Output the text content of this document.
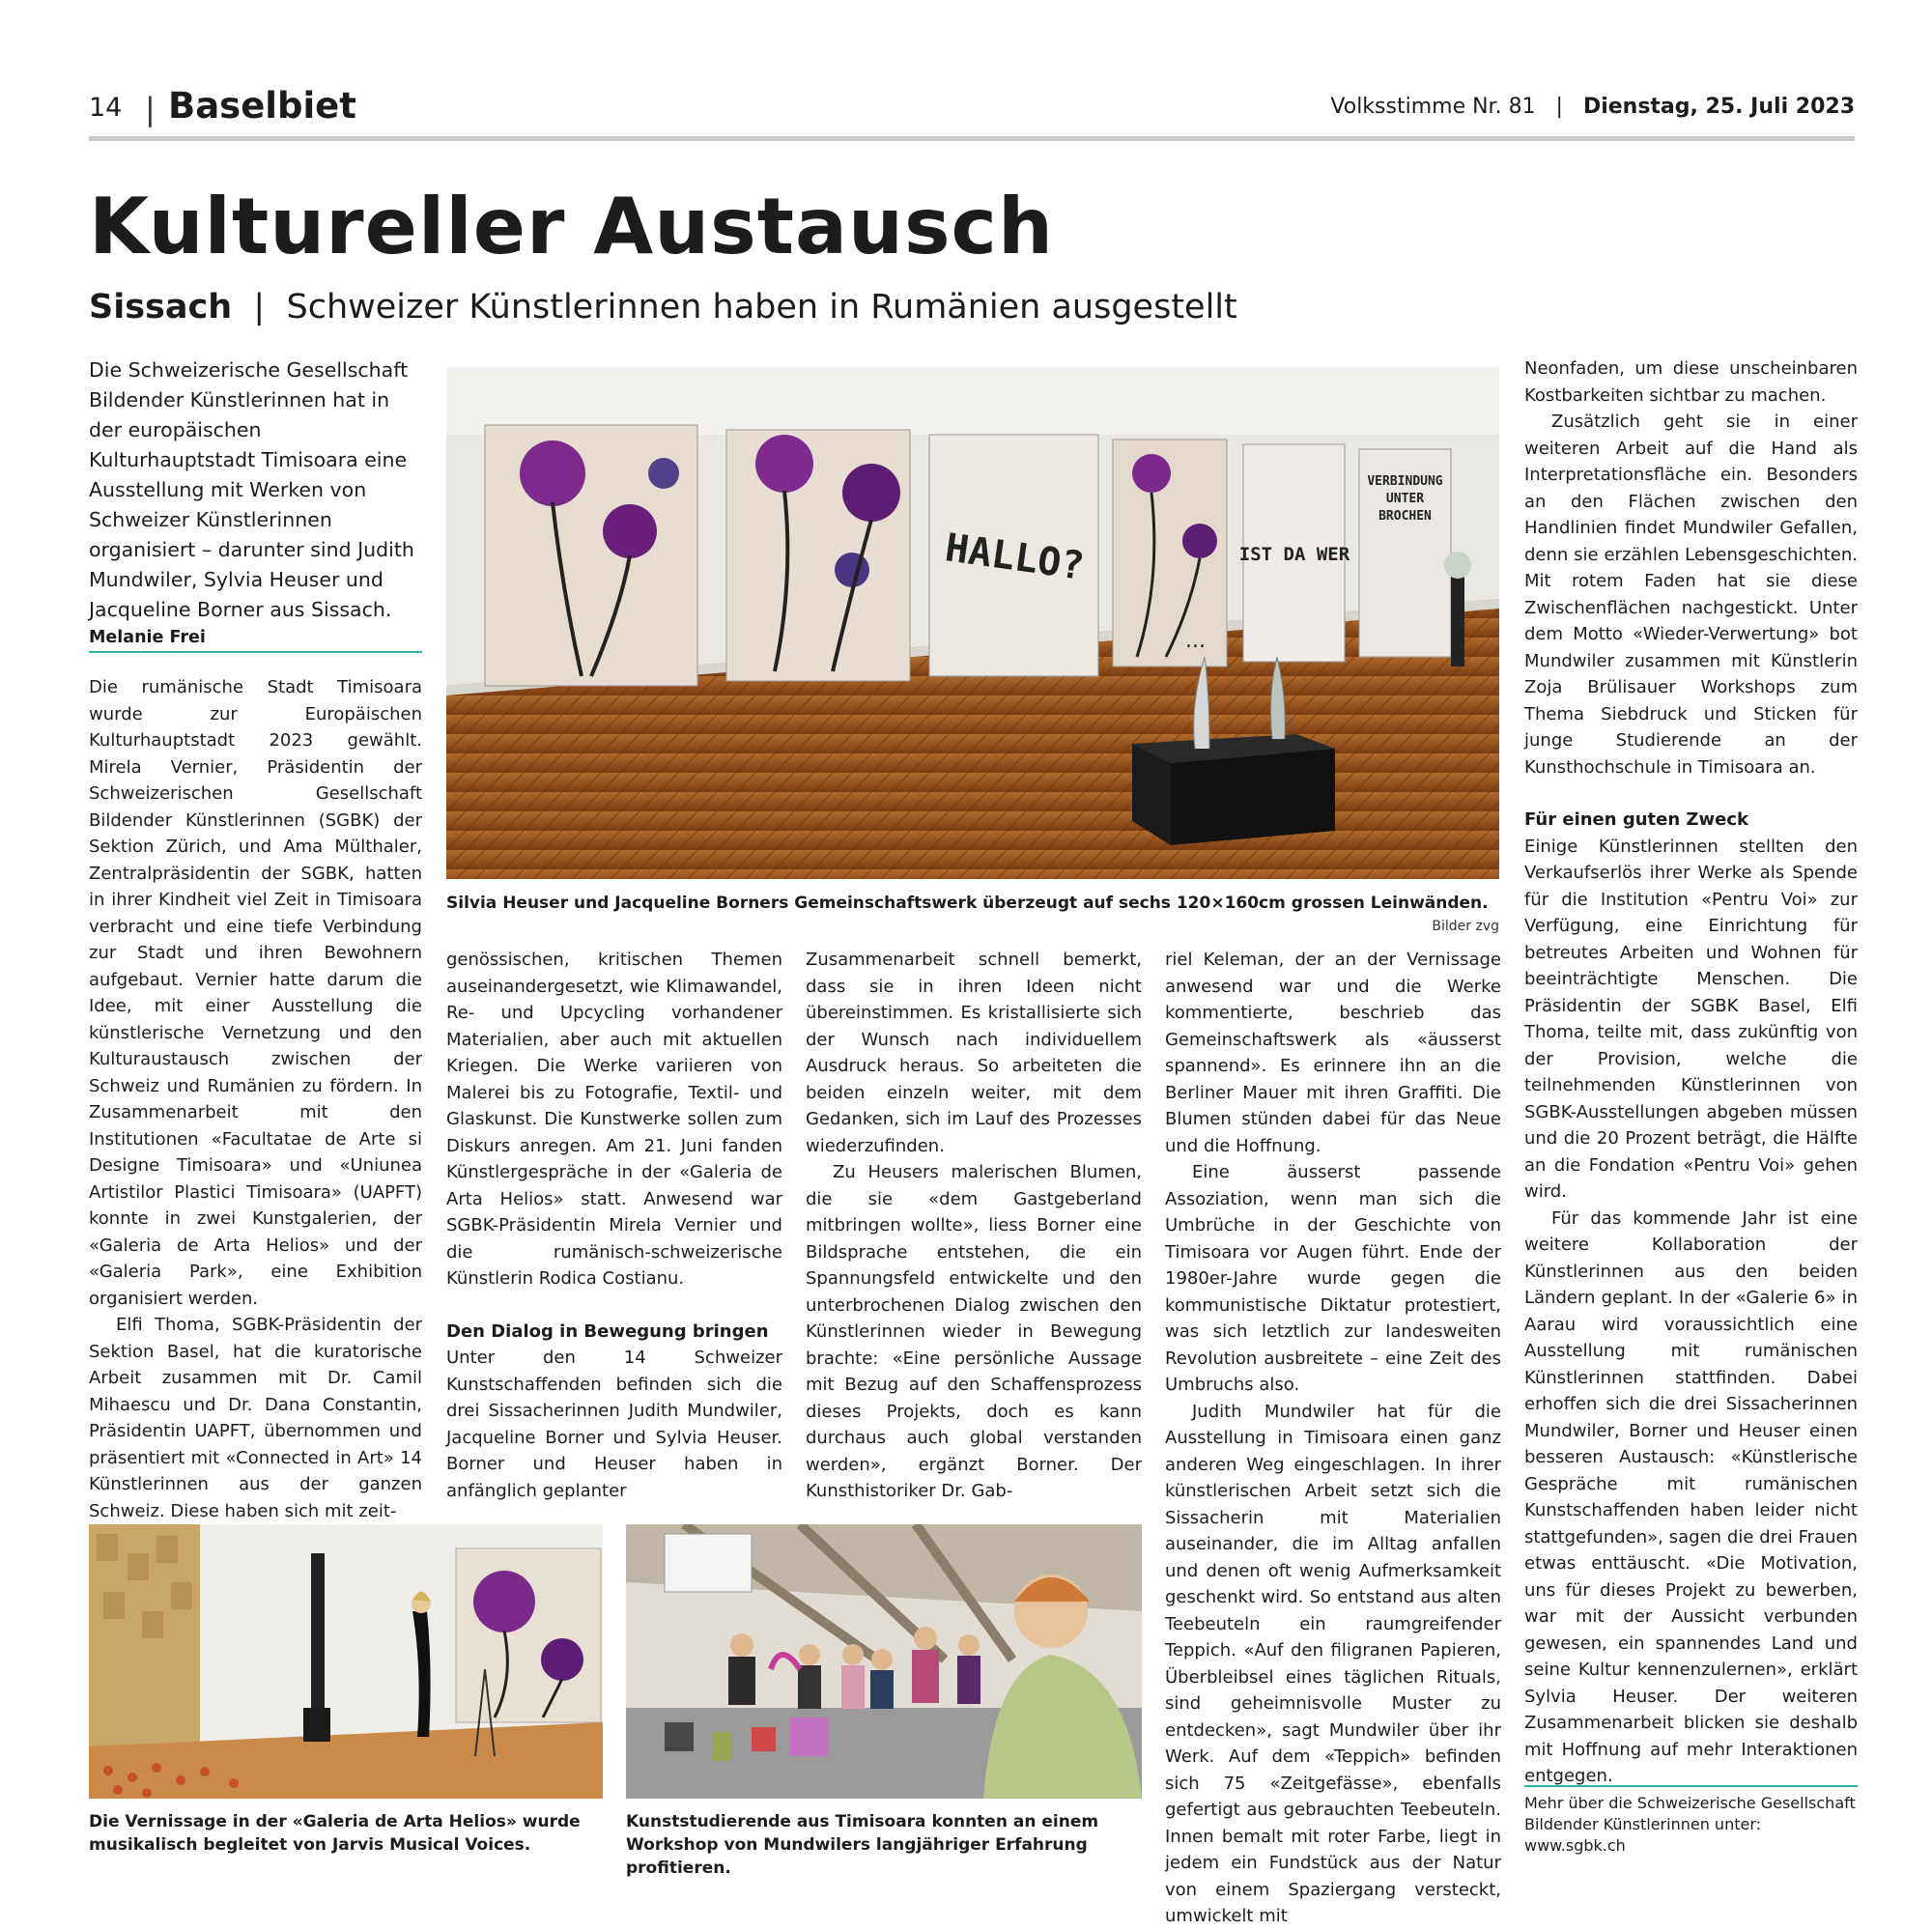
14 | Baselbiet	Volksstimme Nr. 81   |   Dienstag, 25. Juli 2023
Kultureller Austausch
Sissach  |  Schweizer Künstlerinnen haben in Rumänien ausgestellt
Die Schweizerische Gesellschaft Bildender Künstlerinnen hat in der europäischen Kulturhauptstadt Timisoara eine Ausstellung mit Werken von Schweizer Künstlerinnen organisiert – darunter sind Judith Mundwiler, Sylvia Heuser und Jacqueline Borner aus Sissach.
Melanie Frei

Die rumänische Stadt Timisoara wurde zur Europäischen Kulturhauptstadt 2023 gewählt. Mirela Vernier, Präsidentin der Schweizerischen Gesellschaft Bildender Künstlerinnen (SGBK) der Sektion Zürich, und Ama Mülthaler, Zentralpräsidentin der SGBK, hatten in ihrer Kindheit viel Zeit in Timisoara verbracht und eine tiefe Verbindung zur Stadt und ihren Bewohnern aufgebaut. Vernier hatte darum die Idee, mit einer Ausstellung die künstlerische Vernetzung und den Kulturaustausch zwischen der Schweiz und Rumänien zu fördern. In Zusammenarbeit mit den Institutionen «Facultatae de Arte si Designe Timisoara» und «Uniunea Artistilor Plastici Timisoara» (UAPFT) konnte in zwei Kunstgalerien, der «Galeria de Arta Helios» und der «Galeria Park», eine Exhibition organisiert werden.

Elfi Thoma, SGBK-Präsidentin der Sektion Basel, hat die kuratorische Arbeit zusammen mit Dr. Camil Mihaescu und Dr. Dana Constantin, Präsidentin UAPFT, übernommen und präsentiert mit «Connected in Art» 14 Künstlerinnen aus der ganzen Schweiz. Diese haben sich mit zeit-

HALLO?
...
IST DA WER
VERBINDUNG UNTER BROCHEN
Silvia Heuser und Jacqueline Borners Gemeinschaftswerk überzeugt auf sechs 120×160cm grossen Leinwänden.
Bilder zvg

genössischen, kritischen Themen auseinandergesetzt, wie Klimawandel, Re- und Upcycling vorhandener Materialien, aber auch mit aktuellen Kriegen. Die Werke variieren von Malerei bis zu Fotografie, Textil- und Glaskunst. Die Kunstwerke sollen zum Diskurs anregen. Am 21. Juni fanden Künstlergespräche in der «Galeria de Arta Helios» statt. Anwesend war SGBK-Präsidentin Mirela Vernier und die rumänisch-schweizerische Künstlerin Rodica Costianu.

Den Dialog in Bewegung bringen

Unter den 14 Schweizer Kunstschaffenden befinden sich die drei Sissacherinnen Judith Mundwiler, Jacqueline Borner und Sylvia Heuser. Borner und Heuser haben in anfänglich geplanter

Zusammenarbeit schnell bemerkt, dass sie in ihren Ideen nicht übereinstimmen. Es kristallisierte sich der Wunsch nach individuellem Ausdruck heraus. So arbeiteten die beiden einzeln weiter, mit dem Gedanken, sich im Lauf des Prozesses wiederzufinden.

Zu Heusers malerischen Blumen, die sie «dem Gastgeberland mitbringen wollte», liess Borner eine Bildsprache entstehen, die ein Spannungsfeld entwickelte und den unterbrochenen Dialog zwischen den Künstlerinnen wieder in Bewegung brachte: «Eine persönliche Aussage mit Bezug auf den Schaffensprozess dieses Projekts, doch es kann durchaus auch global verstanden werden», ergänzt Borner. Der Kunsthistoriker Dr. Gab-

riel Keleman, der an der Vernissage anwesend war und die Werke kommentierte, beschrieb das Gemeinschaftswerk als «äusserst spannend». Es erinnere ihn an die Berliner Mauer mit ihren Graffiti. Die Blumen stünden dabei für das Neue und die Hoffnung.

Eine äusserst passende Assoziation, wenn man sich die Umbrüche in der Geschichte von Timisoara vor Augen führt. Ende der 1980er-Jahre wurde gegen die kommunistische Diktatur protestiert, was sich letztlich zur landesweiten Revolution ausbreitete – eine Zeit des Umbruchs also.

Judith Mundwiler hat für die Ausstellung in Timisoara einen ganz anderen Weg eingeschlagen. In ihrer künstlerischen Arbeit setzt sich die Sissacherin mit Materialien auseinander, die im Alltag anfallen und denen oft wenig Aufmerksamkeit geschenkt wird. So entstand aus alten Teebeuteln ein raumgreifender Teppich. «Auf den filigranen Papieren, Überbleibsel eines täglichen Rituals, sind geheimnisvolle Muster zu entdecken», sagt Mundwiler über ihr Werk. Auf dem «Teppich» befinden sich 75 «Zeitgefässe», ebenfalls gefertigt aus gebrauchten Teebeuteln. Innen bemalt mit roter Farbe, liegt in jedem ein Fundstück aus der Natur von einem Spaziergang versteckt, umwickelt mit

Neonfaden, um diese unscheinbaren Kostbarkeiten sichtbar zu machen.

Zusätzlich geht sie in einer weiteren Arbeit auf die Hand als Interpretationsfläche ein. Besonders an den Flächen zwischen den Handlinien findet Mundwiler Gefallen, denn sie erzählen Lebensgeschichten. Mit rotem Faden hat sie diese Zwischenflächen nachgestickt. Unter dem Motto «Wieder-Verwertung» bot Mundwiler zusammen mit Künstlerin Zoja Brülisauer Workshops zum Thema Siebdruck und Sticken für junge Studierende an der Kunsthochschule in Timisoara an.

Für einen guten Zweck

Einige Künstlerinnen stellten den Verkaufserlös ihrer Werke als Spende für die Institution «Pentru Voi» zur Verfügung, eine Einrichtung für betreutes Arbeiten und Wohnen für beeinträchtigte Menschen. Die Präsidentin der SGBK Basel, Elfi Thoma, teilte mit, dass zukünftig von der Provision, welche die teilnehmenden Künstlerinnen von SGBK-Ausstellungen abgeben müssen und die 20 Prozent beträgt, die Hälfte an die Fondation «Pentru Voi» gehen wird.

Für das kommende Jahr ist eine weitere Kollaboration der Künstlerinnen aus den beiden Ländern geplant. In der «Galerie 6» in Aarau wird voraussichtlich eine Ausstellung mit rumänischen Künstlerinnen stattfinden. Dabei erhoffen sich die drei Sissacherinnen Mundwiler, Borner und Heuser einen besseren Austausch: «Künstlerische Gespräche mit rumänischen Kunstschaffenden haben leider nicht stattgefunden», sagen die drei Frauen etwas enttäuscht. «Die Motivation, uns für dieses Projekt zu bewerben, war mit der Aussicht verbunden gewesen, ein spannendes Land und seine Kultur kennenzulernen», erklärt Sylvia Heuser. Der weiteren Zusammenarbeit blicken sie deshalb mit Hoffnung auf mehr Interaktionen entgegen.

Die Vernissage in der «Galeria de Arta Helios» wurde musikalisch begleitet von Jarvis Musical Voices.
Kunststudierende aus Timisoara konnten an einem Workshop von Mundwilers langjähriger Erfahrung profitieren.
Mehr über die Schweizerische Gesellschaft
Bildender Künstlerinnen unter:
www.sgbk.ch
